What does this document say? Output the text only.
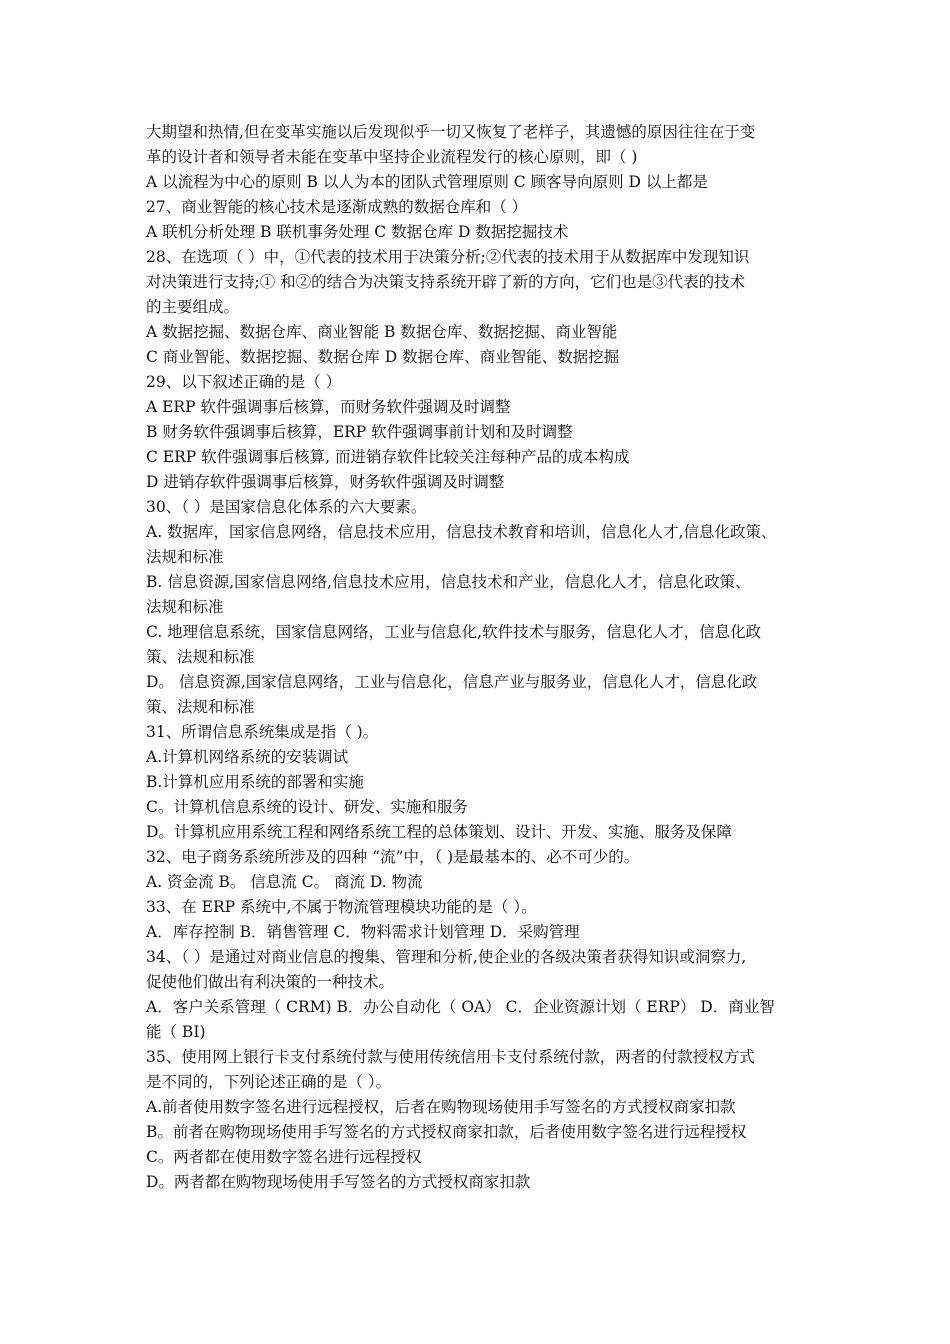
大期望和热情,但在变革实施以后发现似乎一切又恢复了老样子，其遗憾的原因往往在于变
革的设计者和领导者未能在变革中坚持企业流程发行的核心原则，即（ )
A 以流程为中心的原则 B 以人为本的团队式管理原则 C 顾客导向原则 D 以上都是
27、商业智能的核心技术是逐渐成熟的数据仓库和（ ）
A 联机分析处理 B 联机事务处理 C 数据仓库 D 数据挖掘技术
28、在选项（ ）中，①代表的技术用于决策分析;②代表的技术用于从数据库中发现知识
对决策进行支持;① 和②的结合为决策支持系统开辟了新的方向，它们也是③代表的技术
的主要组成。
A 数据挖掘、数据仓库、商业智能 B 数据仓库、数据挖掘、商业智能
C 商业智能、数据挖掘、数据仓库 D 数据仓库、商业智能、数据挖掘
29、以下叙述正确的是（ ）
A ERP 软件强调事后核算，而财务软件强调及时调整
B 财务软件强调事后核算，ERP 软件强调事前计划和及时调整
C ERP 软件强调事后核算, 而进销存软件比较关注每种产品的成本构成
D 进销存软件强调事后核算，财务软件强调及时调整
30、（ ）是国家信息化体系的六大要素。
A. 数据库，国家信息网络，信息技术应用，信息技术教育和培训，信息化人才,信息化政策、
法规和标准
B. 信息资源,国家信息网络,信息技术应用，信息技术和产业，信息化人才，信息化政策、
法规和标准
C. 地理信息系统，国家信息网络，工业与信息化,软件技术与服务，信息化人才，信息化政
策、法规和标准
D。 信息资源,国家信息网络，工业与信息化，信息产业与服务业，信息化人才，信息化政
策、法规和标准
31、所谓信息系统集成是指（ )。
A.计算机网络系统的安装调试
B.计算机应用系统的部署和实施
C。计算机信息系统的设计、研发、实施和服务
D。计算机应用系统工程和网络系统工程的总体策划、设计、开发、实施、服务及保障
32、电子商务系统所涉及的四种 “流”中，（ )是最基本的、必不可少的。
A. 资金流 B。 信息流 C。 商流 D. 物流
33、在 ERP 系统中,不属于物流管理模块功能的是（ ）。
A．库存控制 B．销售管理 C．物料需求计划管理 D．采购管理
34、（ ）是通过对商业信息的搜集、管理和分析,使企业的各级决策者获得知识或洞察力,
促使他们做出有利决策的一种技术。
A．客户关系管理（ CRM) B．办公自动化（ OA） C．企业资源计划（ ERP） D．商业智
能（ BI)
35、使用网上银行卡支付系统付款与使用传统信用卡支付系统付款，两者的付款授权方式
是不同的，下列论述正确的是（ ）。
A.前者使用数字签名进行远程授权，后者在购物现场使用手写签名的方式授权商家扣款
B。前者在购物现场使用手写签名的方式授权商家扣款，后者使用数字签名进行远程授权
C。两者都在使用数字签名进行远程授权
D。两者都在购物现场使用手写签名的方式授权商家扣款
